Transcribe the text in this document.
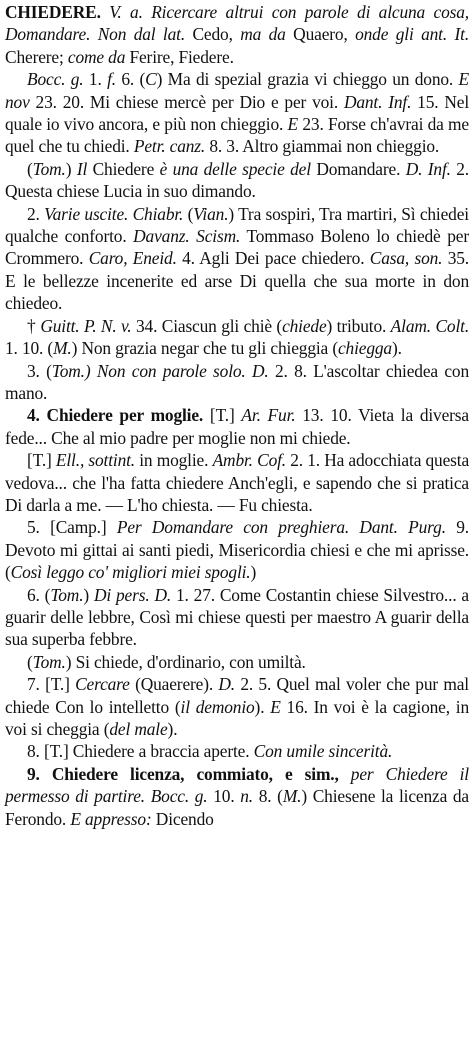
CHIEDERE. V. a. Ricercare altrui con parole di alcuna cosa, Domandare. Non dal lat. Cedo, ma da Quaero, onde gli ant. It. Cherere; come da Ferire, Fiedere.

Bocc. g. 1. f. 6. (C) Ma di spezial grazia vi chieggo un dono. E nov 23. 20. Mi chiese mercè per Dio e per voi. Dant. Inf. 15. Nel quale io vivo ancora, e più non chieggio. E 23. Forse ch'avrai da me quel che tu chiedi. Petr. canz. 8. 3. Altro giammai non chieggio.

(Tom.) Il Chiedere è una delle specie del Domandare. D. Inf. 2. Questa chiese Lucia in suo dimando.

2. Varie uscite. Chiabr. (Vian.) Tra sospiri, Tra martiri, Sì chiedei qualche conforto. Davanz. Scism. Tommaso Boleno lo chiedè per Crommero. Caro, Eneid. 4. Agli Dei pace chiedero. Casa, son. 35. E le bellezze incenerite ed arse Di quella che sua morte in don chiedeo.

† Guitt. P. N. v. 34. Ciascun gli chiè (chiede) tributo. Alam. Colt. 1. 10. (M.) Non grazia negar che tu gli chieggia (chiegga).

3. (Tom.) Non con parole solo. D. 2. 8. L'ascoltar chiedea con mano.

4. Chiedere per moglie. [T.] Ar. Fur. 13. 10. Vieta la diversa fede... Che al mio padre per moglie non mi chiede.

[T.] Ell., sottint. in moglie. Ambr. Cof. 2. 1. Ha adocchiata questa vedova... che l'ha fatta chiedere Anch'egli, e sapendo che si pratica Di darla a me. — L'ho chiesta. — Fu chiesta.

5. [Camp.] Per Domandare con preghiera. Dant. Purg. 9. Devoto mi gittai ai santi piedi, Misericordia chiesi e che mi aprisse. (Così leggo co' migliori miei spogli.)

6. (Tom.) Di pers. D. 1. 27. Come Costantin chiese Silvestro... a guarir delle lebbre, Così mi chiese questi per maestro A guarir della sua superba febbre.

(Tom.) Si chiede, d'ordinario, con umiltà.

7. [T.] Cercare (Quaerere). D. 2. 5. Quel mal voler che pur mal chiede Con lo intelletto (il demonio). E 16. In voi è la cagione, in voi si cheggia (del male).

8. [T.] Chiedere a braccia aperte. Con umile sincerità.

9. Chiedere licenza, commiato, e sim., per Chiedere il permesso di partire. Bocc. g. 10. n. 8. (M.) Chiesene la licenza da Ferondo. E appresso: Dicendo
